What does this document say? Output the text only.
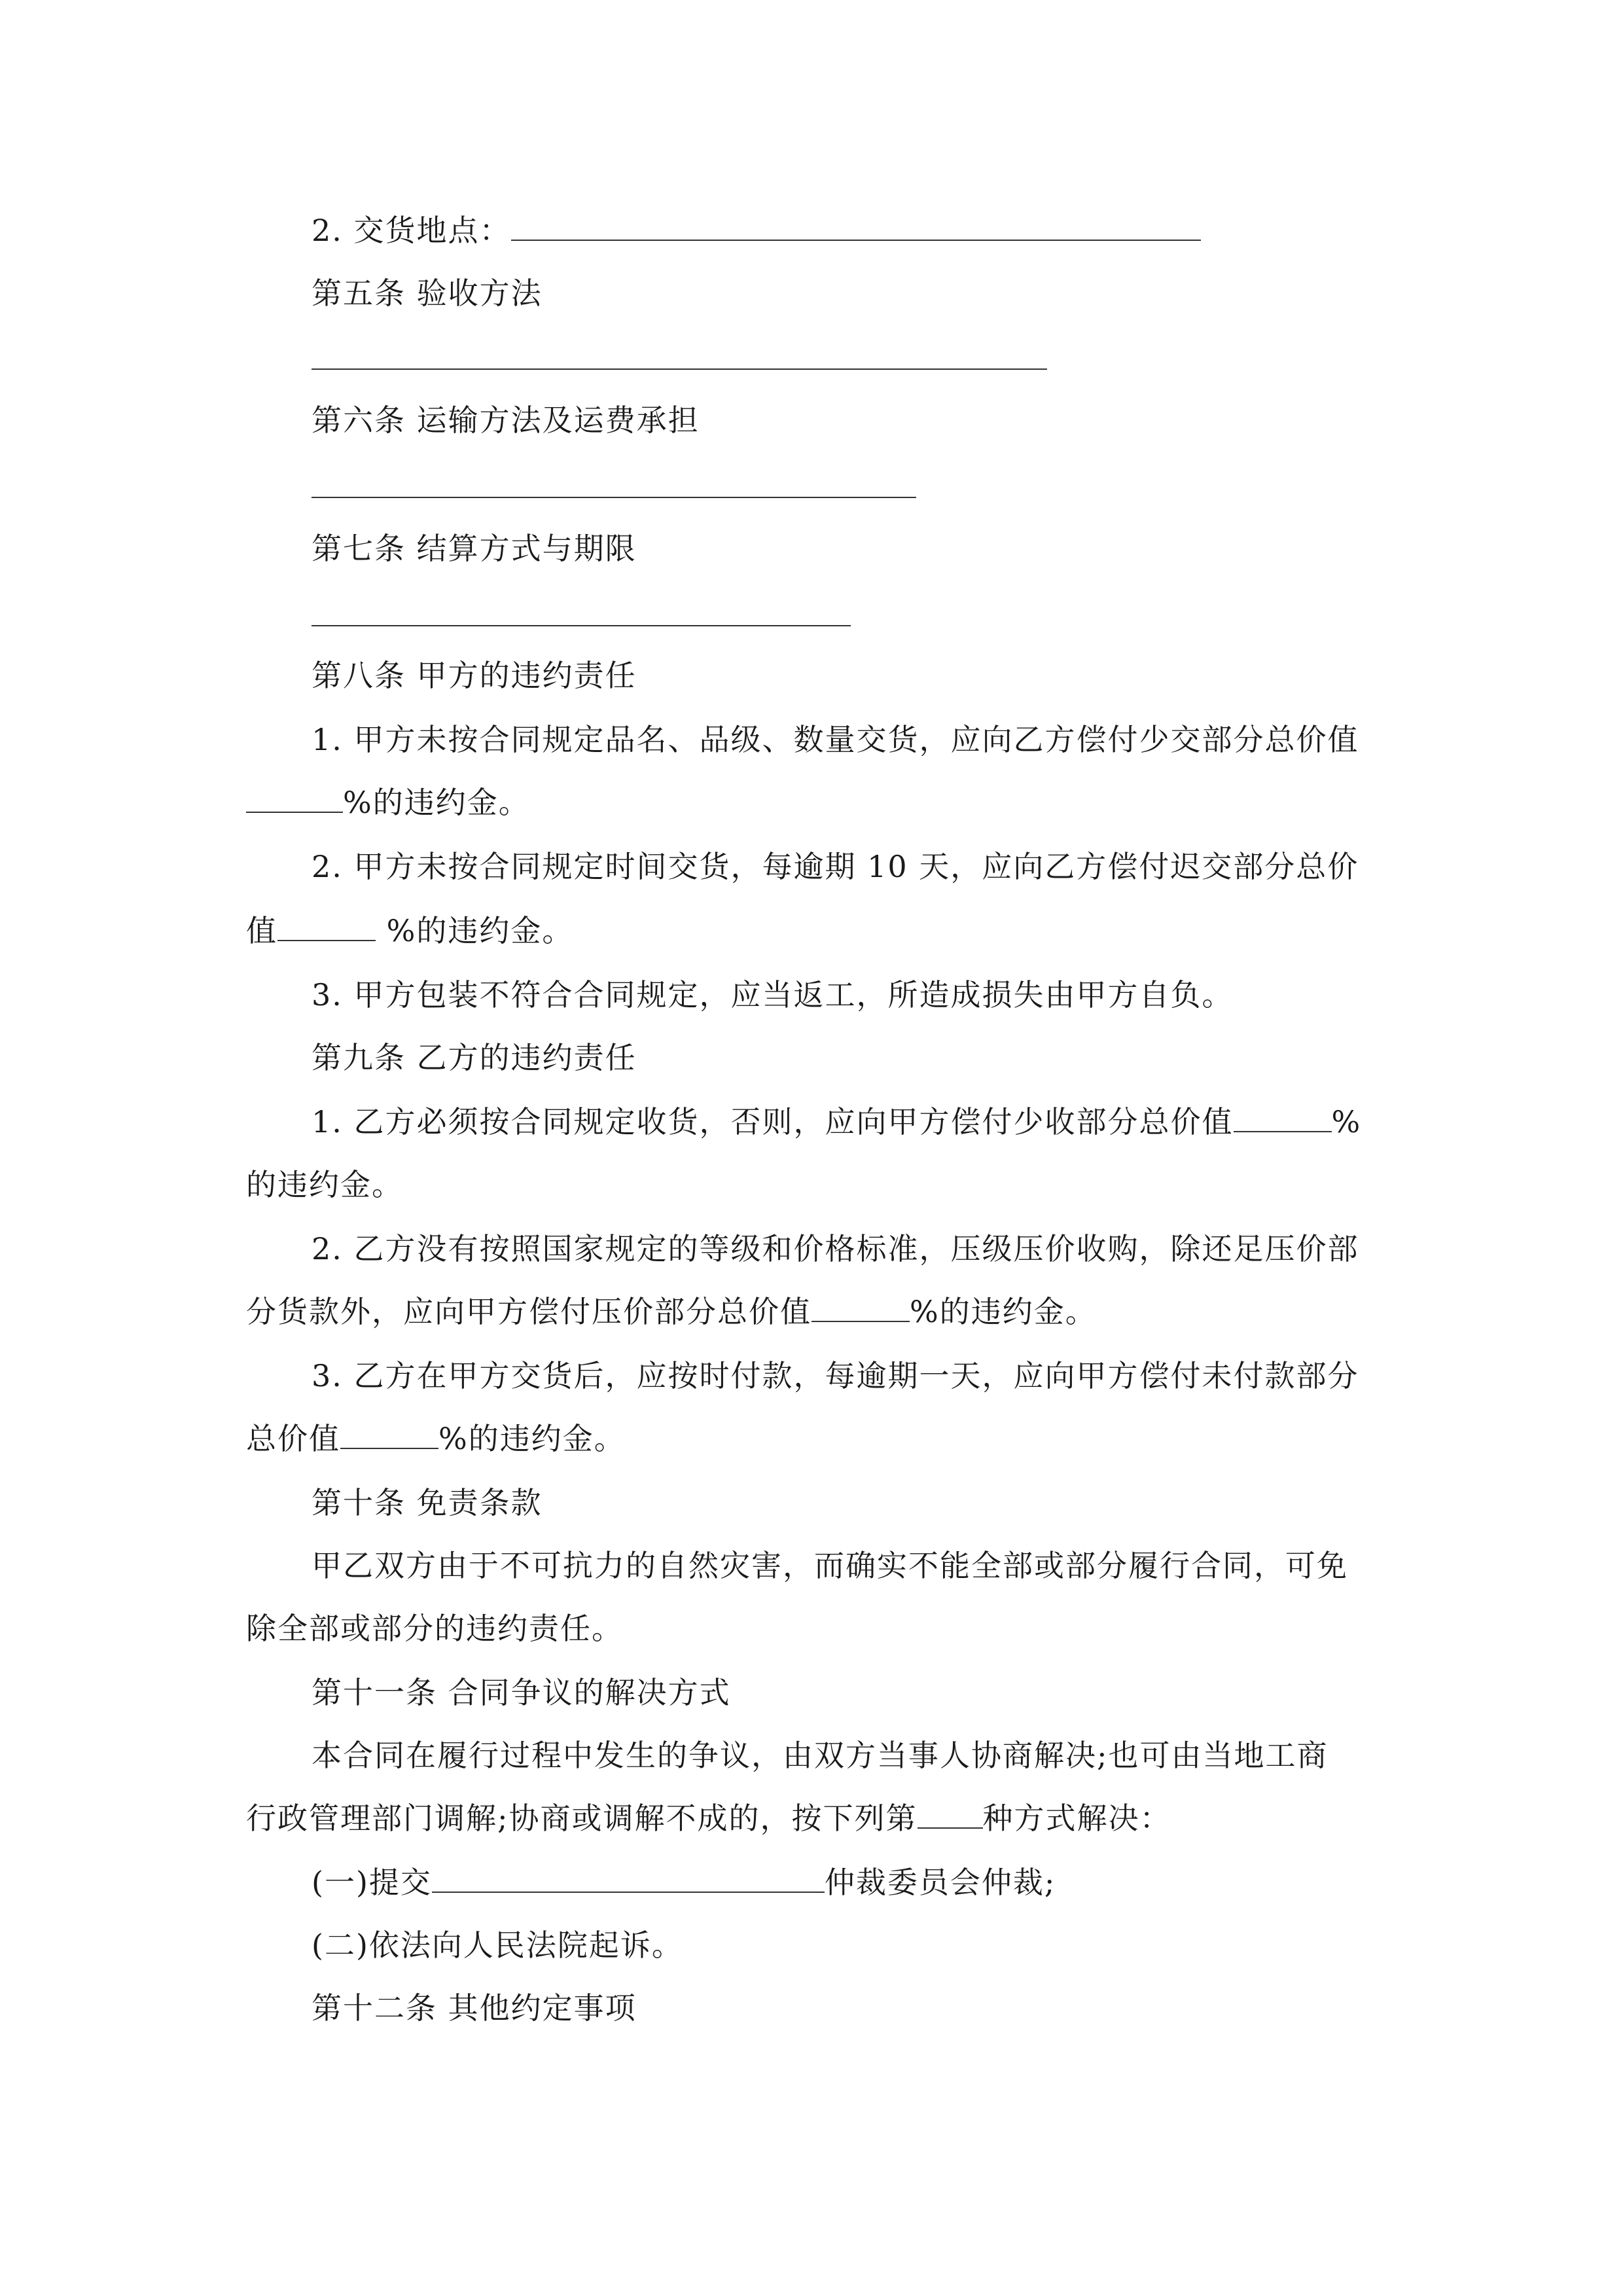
2. 交货地点：
第五条 验收方法
第六条 运输方法及运费承担
第七条 结算方式与期限
第八条 甲方的违约责任
1. 甲方未按合同规定品名、品级、数量交货，应向乙方偿付少交部分总价值
%的违约金。
2. 甲方未按合同规定时间交货，每逾期 10 天，应向乙方偿付迟交部分总价
值	%的违约金。
3. 甲方包装不符合合同规定，应当返工，所造成损失由甲方自负。
第九条 乙方的违约责任
1. 乙方必须按合同规定收货，否则，应向甲方偿付少收部分总价值	%
的违约金。
2. 乙方没有按照国家规定的等级和价格标准，压级压价收购，除还足压价部
分货款外，应向甲方偿付压价部分总价值	%的违约金。
3. 乙方在甲方交货后，应按时付款，每逾期一天，应向甲方偿付未付款部分
总价值	%的违约金。
第十条 免责条款
甲乙双方由于不可抗力的自然灾害，而确实不能全部或部分履行合同，可免
除全部或部分的违约责任。
第十一条 合同争议的解决方式
本合同在履行过程中发生的争议，由双方当事人协商解决;也可由当地工商
行政管理部门调解;协商或调解不成的，按下列第 种方式解决：
(一)提交	仲裁委员会仲裁;
(二)依法向人民法院起诉。
第十二条 其他约定事项
